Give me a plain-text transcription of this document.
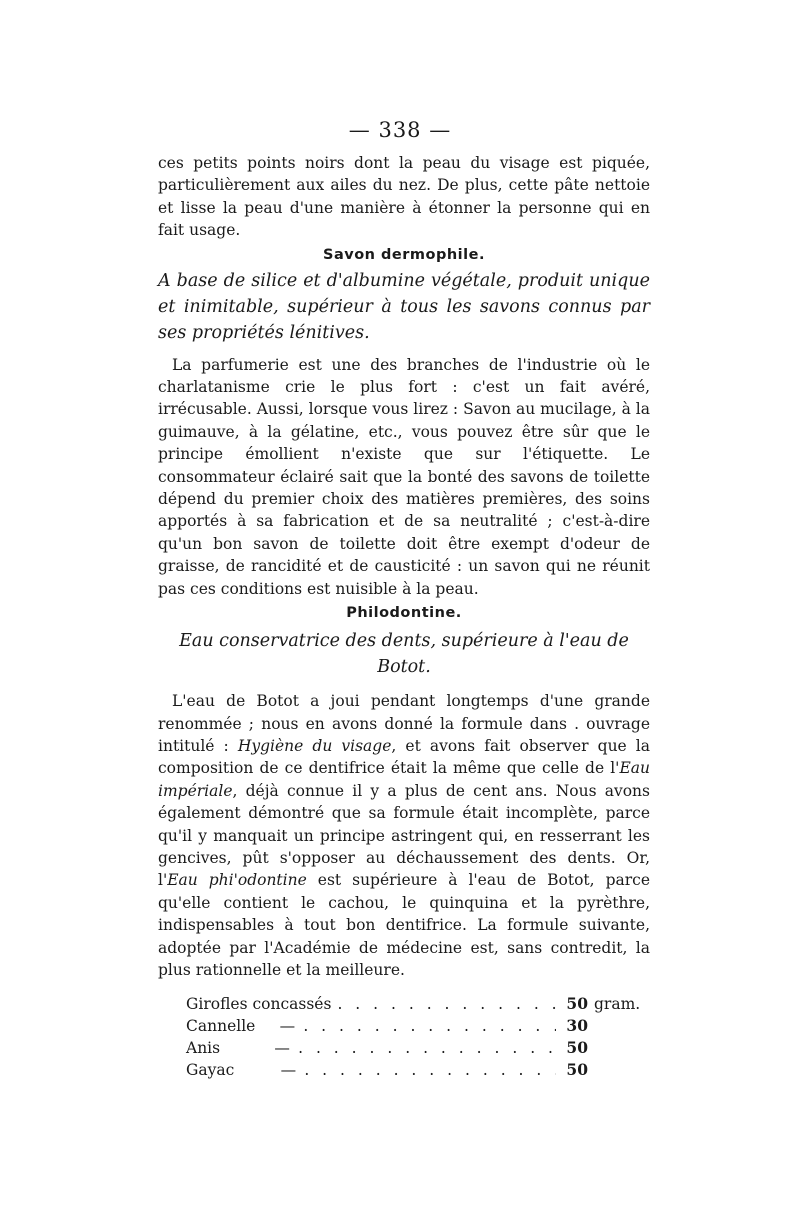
— 338 —

ces petits points noirs dont la peau du visage est piquée, particulièrement aux ailes du nez. De plus, cette pâte nettoie et lisse la peau d'une manière à étonner la personne qui en fait usage.

Savon dermophile.

A base de silice et d'albumine végétale, produit unique et inimitable, supérieur à tous les savons connus par ses propriétés lénitives.

La parfumerie est une des branches de l'industrie où le charlatanisme crie le plus fort : c'est un fait avéré, irrécusable. Aussi, lorsque vous lirez : Savon au mucilage, à la guimauve, à la gélatine, etc., vous pouvez être sûr que le principe émollient n'existe que sur l'étiquette. Le consommateur éclairé sait que la bonté des savons de toilette dépend du premier choix des matières premières, des soins apportés à sa fabrication et de sa neutralité ; c'est-à-dire qu'un bon savon de toilette doit être exempt d'odeur de graisse, de rancidité et de causticité : un savon qui ne réunit pas ces conditions est nuisible à la peau.

Philodontine.
Eau conservatrice des dents, supérieure à l'eau de
Botot.

L'eau de Botot a joui pendant longtemps d'une grande renommée ; nous en avons donné la formule dans . ouvrage intitulé : Hygiène du visage, et avons fait observer que la composition de ce dentifrice était la même que celle de l'Eau impériale, déjà connue il y a plus de cent ans. Nous avons également démontré que sa formule était incomplète, parce qu'il y manquait un principe astringent qui, en resserrant les gencives, pût s'opposer au déchaussement des dents. Or, l'Eau phi'odontine est supérieure à l'eau de Botot, parce qu'elle contient le cachou, le quinquina et la pyrèthre, indispensables à tout bon dentifrice. La formule suivante, adoptée par l'Académie de médecine est, sans contredit, la plus rationnelle et la meilleure.

Girofles concassés . . .	50 gram.
Cannelle — . . .	30
Anis	— . . .	50
Gayac	— . . .	50
